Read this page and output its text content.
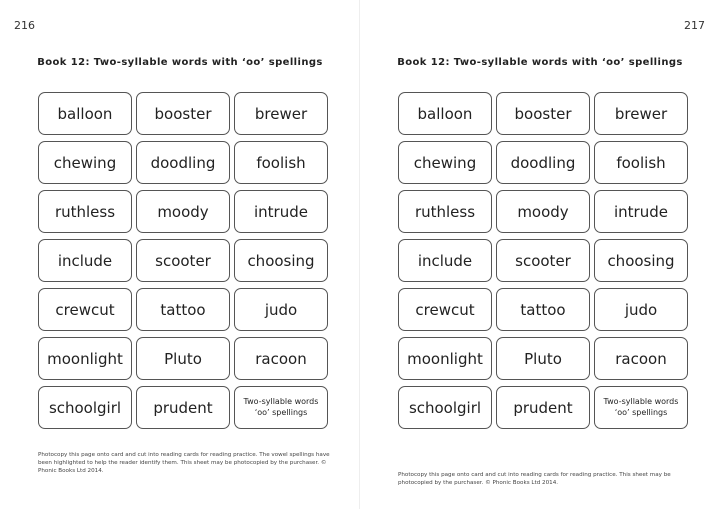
216
Book 12: Two-syllable words with ‘oo’ spellings
balloon	booster	brewer
chewing	doodling	foolish
ruthless	moody	intrude
include	scooter	choosing
crewcut	tattoo	judo
moonlight	Pluto	racoon
schoolgirl	prudent	Two-syllable words ‘oo’ spellings
Photocopy this page onto card and cut into reading cards for reading practice. The vowel spellings have been highlighted to help the reader identify them. This sheet may be photocopied by the purchaser. © Phonic Books Ltd 2014.
217
Book 12: Two-syllable words with ‘oo’ spellings
balloon	booster	brewer
chewing	doodling	foolish
ruthless	moody	intrude
include	scooter	choosing
crewcut	tattoo	judo
moonlight	Pluto	racoon
schoolgirl	prudent	Two-syllable words ‘oo’ spellings
Photocopy this page onto card and cut into reading cards for reading practice. This sheet may be photocopied by the purchaser. © Phonic Books Ltd 2014.
